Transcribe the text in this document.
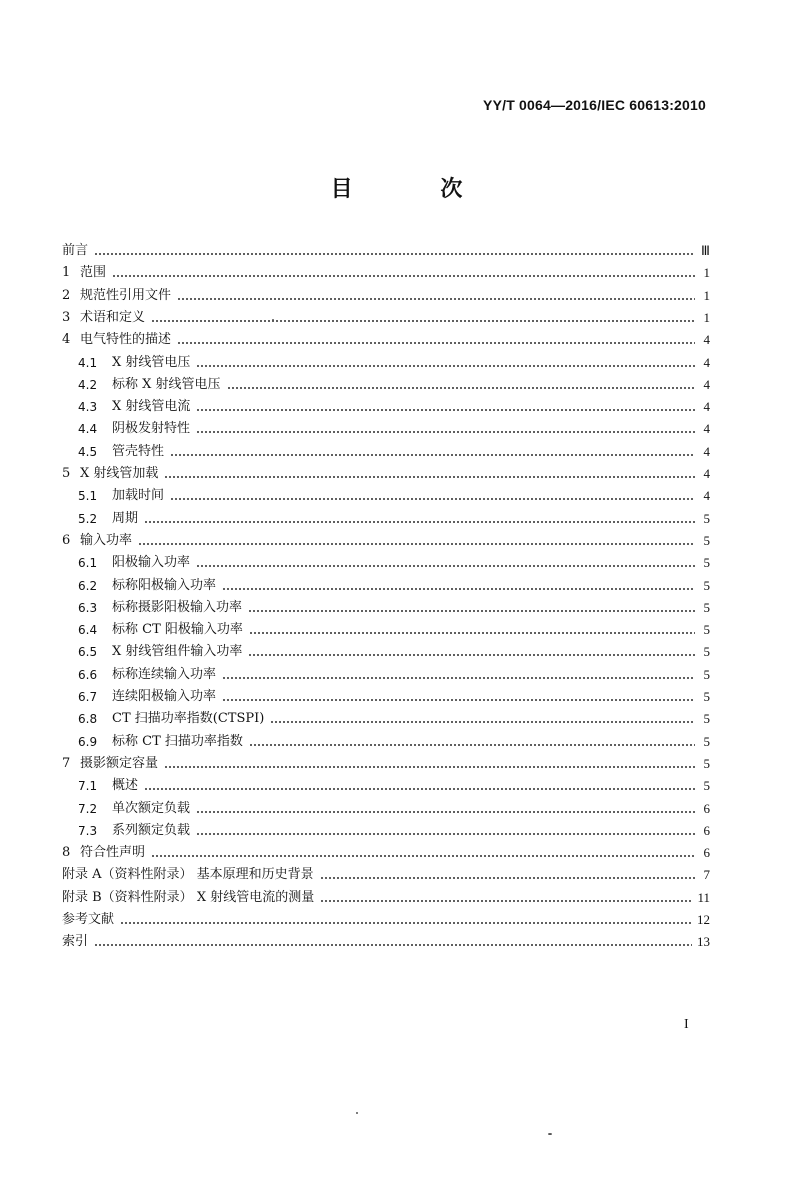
YY/T 0064—2016/IEC 60613:2010
目 次
前言	Ⅲ
1 范围	1
2 规范性引用文件	1
3 术语和定义	1
4 电气特性的描述	4
4.1	X 射线管电压	4
4.2	标称 X 射线管电压	4
4.3	X 射线管电流	4
4.4	阴极发射特性	4
4.5	管壳特性	4
5 X 射线管加载	4
5.1	加载时间	4
5.2	周期	5
6 输入功率	5
6.1	阳极输入功率	5
6.2	标称阳极输入功率	5
6.3	标称摄影阳极输入功率	5
6.4	标称 CT 阳极输入功率	5
6.5	X 射线管组件输入功率	5
6.6	标称连续输入功率	5
6.7	连续阳极输入功率	5
6.8	CT 扫描功率指数(CTSPI)	5
6.9	标称 CT 扫描功率指数	5
7 摄影额定容量	5
7.1	概述	5
7.2	单次额定负载	6
7.3	系列额定负载	6
8 符合性声明	6
附录 A（资料性附录） 基本原理和历史背景	7
附录 B（资料性附录） X 射线管电流的测量	11
参考文献	12
索引	13
I
